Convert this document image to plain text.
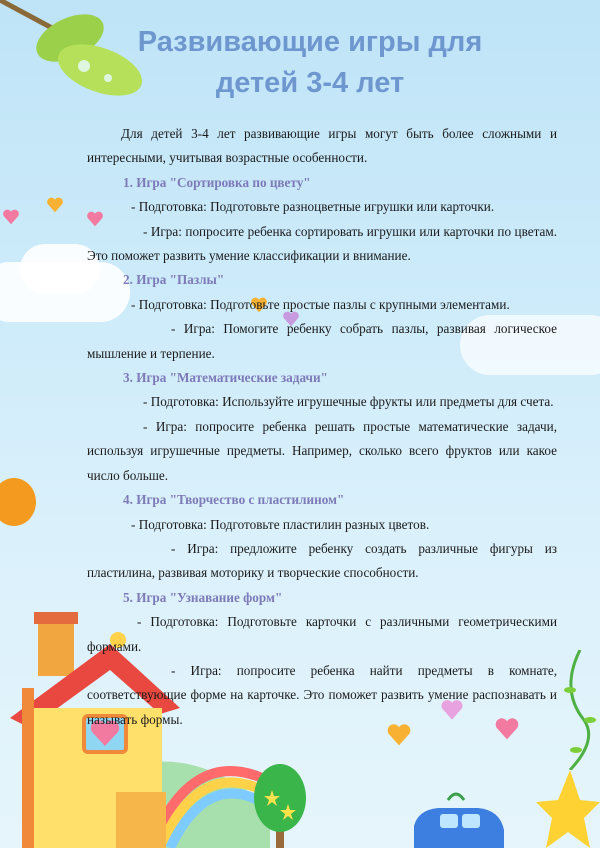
Развивающие игры для
детей 3-4 лет

Для детей 3-4 лет развивающие игры могут быть более сложными и интересными, учитывая возрастные особенности.

1. Игра "Сортировка по цвету"

- Подготовка: Подготовьте разноцветные игрушки или карточки.

- Игра: попросите ребенка сортировать игрушки или карточки по цветам. Это поможет развить умение классификации и внимание.

2. Игра "Пазлы"

- Подготовка: Подготовьте простые пазлы с крупными элементами.

- Игра: Помогите ребенку собрать пазлы, развивая логическое мышление и терпение.

3. Игра "Математические задачи"

- Подготовка: Используйте игрушечные фрукты или предметы для счета.

- Игра: попросите ребенка решать простые математические задачи, используя игрушечные предметы. Например, сколько всего фруктов или какое число больше.

4. Игра "Творчество с пластилином"

- Подготовка: Подготовьте пластилин разных цветов.

- Игра: предложите ребенку создать различные фигуры из пластилина, развивая моторику и творческие способности.

5. Игра "Узнавание форм"

- Подготовка: Подготовьте карточки с различными геометрическими формами.

- Игра: попросите ребенка найти предметы в комнате, соответствующие форме на карточке. Это поможет развить умение распознавать и называть формы.
